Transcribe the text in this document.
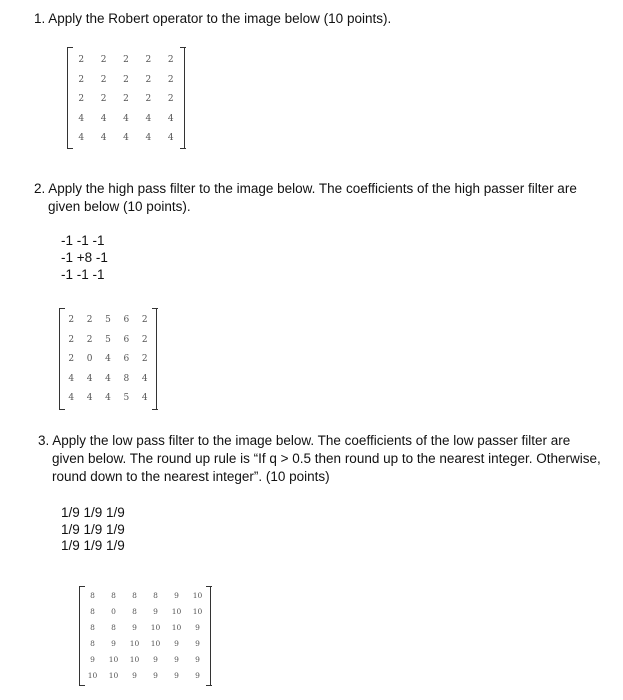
1. Apply the Robert operator to the image below (10 points).
2	2	2	2	2
2	2	2	2	2
2	2	2	2	2
4	4	4	4	4
4	4	4	4	4
2. Apply the high pass filter to the image below. The coefficients of the high passer filter are
given below (10 points).
-1 -1 -1
-1 +8 -1
-1 -1 -1
2	2	5	6	2
2	2	5	6	2
2	0	4	6	2
4	4	4	8	4
4	4	4	5	4
3. Apply the low pass filter to the image below. The coefficients of the low passer filter are
given below. The round up rule is “If q > 0.5 then round up to the nearest integer. Otherwise,
round down to the nearest integer”. (10 points)
1/9 1/9 1/9
1/9 1/9 1/9
1/9 1/9 1/9
8	8	8	8	9	10
8	0	8	9	10	10
8	8	9	10	10	9
8	9	10	10	9	9
9	10	10	9	9	9
10	10	9	9	9	9
